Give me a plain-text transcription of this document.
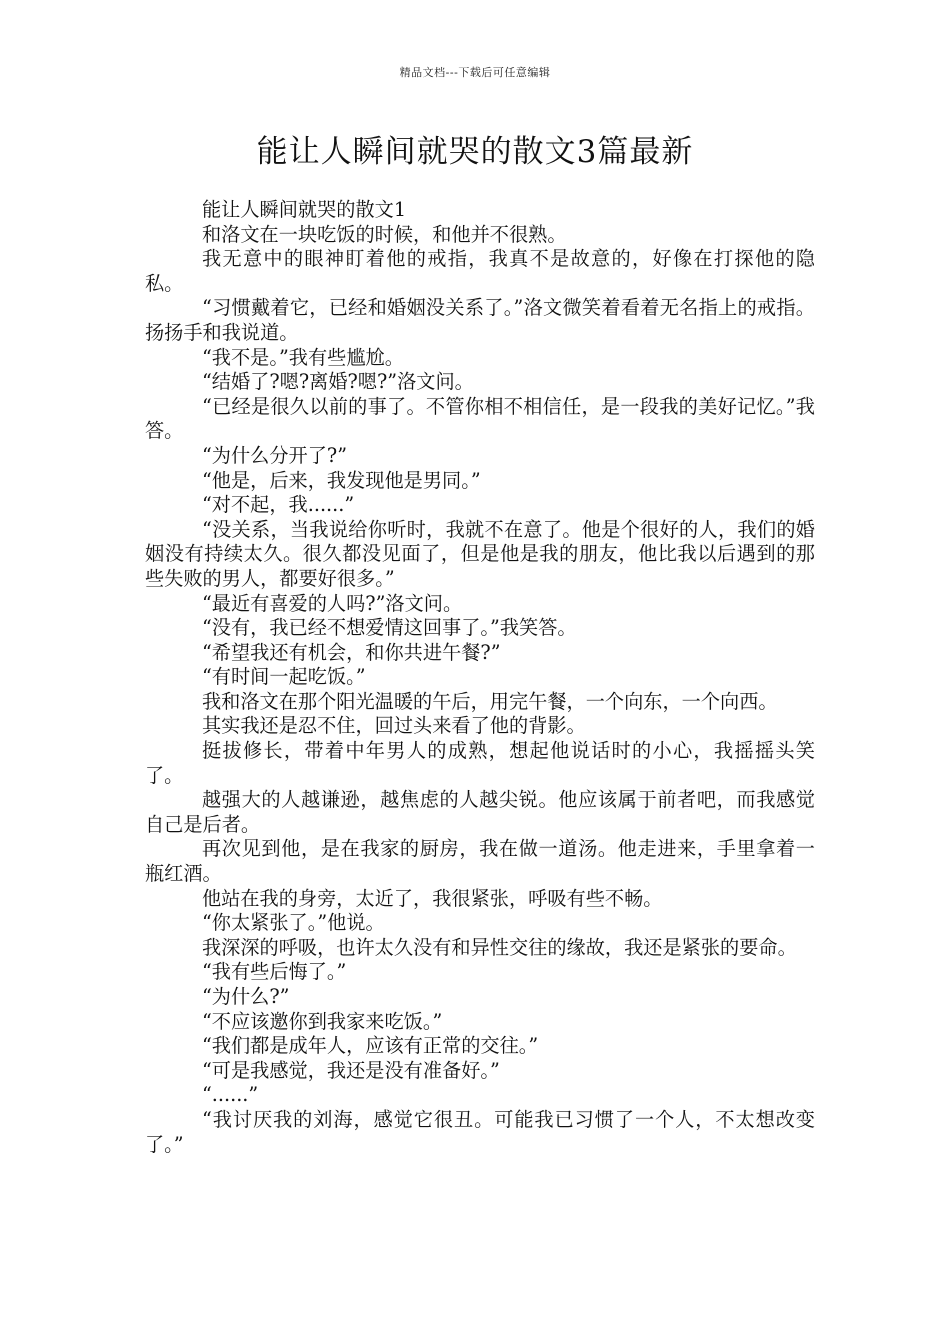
精品文档---下载后可任意编辑
能让人瞬间就哭的散文3篇最新

能让人瞬间就哭的散文1

和洛文在一块吃饭的时候，和他并不很熟。

我无意中的眼神盯着他的戒指，我真不是故意的，好像在打探他的隐私。

“习惯戴着它，已经和婚姻没关系了。”洛文微笑着看着无名指上的戒指。扬扬手和我说道。

“我不是。”我有些尴尬。

“结婚了?嗯?离婚?嗯?”洛文问。

“已经是很久以前的事了。不管你相不相信任，是一段我的美好记忆。”我答。

“为什么分开了?”

“他是，后来，我发现他是男同。”

“对不起，我......”

“没关系，当我说给你听时，我就不在意了。他是个很好的人，我们的婚姻没有持续太久。很久都没见面了，但是他是我的朋友，他比我以后遇到的那些失败的男人，都要好很多。”

“最近有喜爱的人吗?”洛文问。

“没有，我已经不想爱情这回事了。”我笑答。

“希望我还有机会，和你共进午餐?”

“有时间一起吃饭。”

我和洛文在那个阳光温暖的午后，用完午餐，一个向东，一个向西。

其实我还是忍不住，回过头来看了他的背影。

挺拔修长，带着中年男人的成熟，想起他说话时的小心，我摇摇头笑了。

越强大的人越谦逊，越焦虑的人越尖锐。他应该属于前者吧，而我感觉自己是后者。

再次见到他，是在我家的厨房，我在做一道汤。他走进来，手里拿着一瓶红酒。

他站在我的身旁，太近了，我很紧张，呼吸有些不畅。

“你太紧张了。”他说。

我深深的呼吸，也许太久没有和异性交往的缘故，我还是紧张的要命。

“我有些后悔了。”

“为什么?”

“不应该邀你到我家来吃饭。”

“我们都是成年人，应该有正常的交往。”

“可是我感觉，我还是没有准备好。”

“......”

“我讨厌我的刘海，感觉它很丑。可能我已习惯了一个人，不太想改变了。”
